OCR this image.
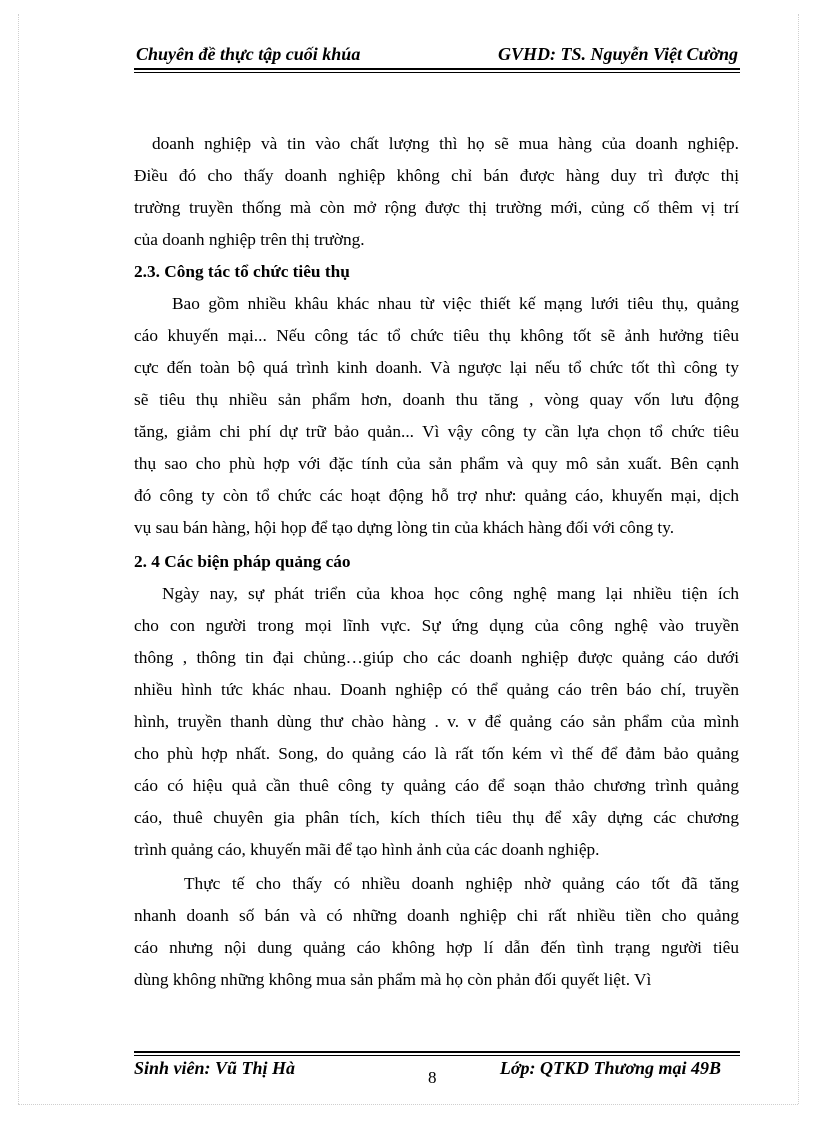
Chuyên đề thực tập cuối khúa	GVHD: TS. Nguyễn Việt Cường
doanh nghiệp và tin vào chất lượng thì họ sẽ mua hàng của doanh nghiệp.
Điều đó cho thấy doanh nghiệp không chỉ bán được hàng duy trì được thị
trường truyền thống mà còn mở rộng được thị trường mới, củng cố thêm vị trí
của doanh nghiệp trên thị trường.
2.3. Công tác tổ chức tiêu thụ
Bao gồm nhiều khâu khác nhau từ việc thiết kế mạng lưới tiêu thụ, quảng
cáo khuyến mại... Nếu công tác tổ chức tiêu thụ không tốt sẽ ảnh hưởng tiêu
cực đến toàn bộ quá trình kinh doanh. Và ngược lại nếu tổ chức tốt thì công ty
sẽ tiêu thụ nhiều sản phẩm hơn, doanh thu tăng , vòng quay vốn lưu động
tăng, giảm chi phí dự trữ bảo quản... Vì vậy công ty cần lựa chọn tổ chức tiêu
thụ sao cho phù hợp với đặc tính của sản phẩm và quy mô sản xuất. Bên cạnh
đó công ty còn tổ chức các hoạt động hỗ trợ như: quảng cáo, khuyến mại, dịch
vụ sau bán hàng, hội họp để tạo dựng lòng tin của khách hàng đối với công ty.
2. 4 Các biện pháp quảng cáo
Ngày nay, sự phát triển của khoa học công nghệ mang lại nhiều tiện ích
cho con người trong mọi lĩnh vực. Sự ứng dụng của công nghệ vào truyền
thông , thông tin đại chủng…giúp cho các doanh nghiệp được quảng cáo dưới
nhiều hình tức khác nhau. Doanh nghiệp có thể quảng cáo trên báo chí, truyền
hình, truyền thanh dùng thư chào hàng . v. v để quảng cáo sản phẩm của mình
cho phù hợp nhất. Song, do quảng cáo là rất tốn kém vì thế để đảm bảo quảng
cáo có hiệu quả cần thuê công ty quảng cáo để soạn thảo chương trình quảng
cáo, thuê chuyên gia phân tích, kích thích tiêu thụ để xây dựng các chương
trình quảng cáo, khuyến mãi để tạo hình ảnh của các doanh nghiệp.
Thực tế cho thấy có nhiều doanh nghiệp nhờ quảng cáo tốt đã tăng
nhanh doanh số bán và có những doanh nghiệp chi rất nhiều tiền cho quảng
cáo nhưng nội dung quảng cáo không hợp lí dẫn đến tình trạng người tiêu
dùng không những không mua sản phẩm mà họ còn phản đối quyết liệt. Vì
Sinh viên: Vũ Thị Hà	Lớp: QTKD Thương mại 49B
8
